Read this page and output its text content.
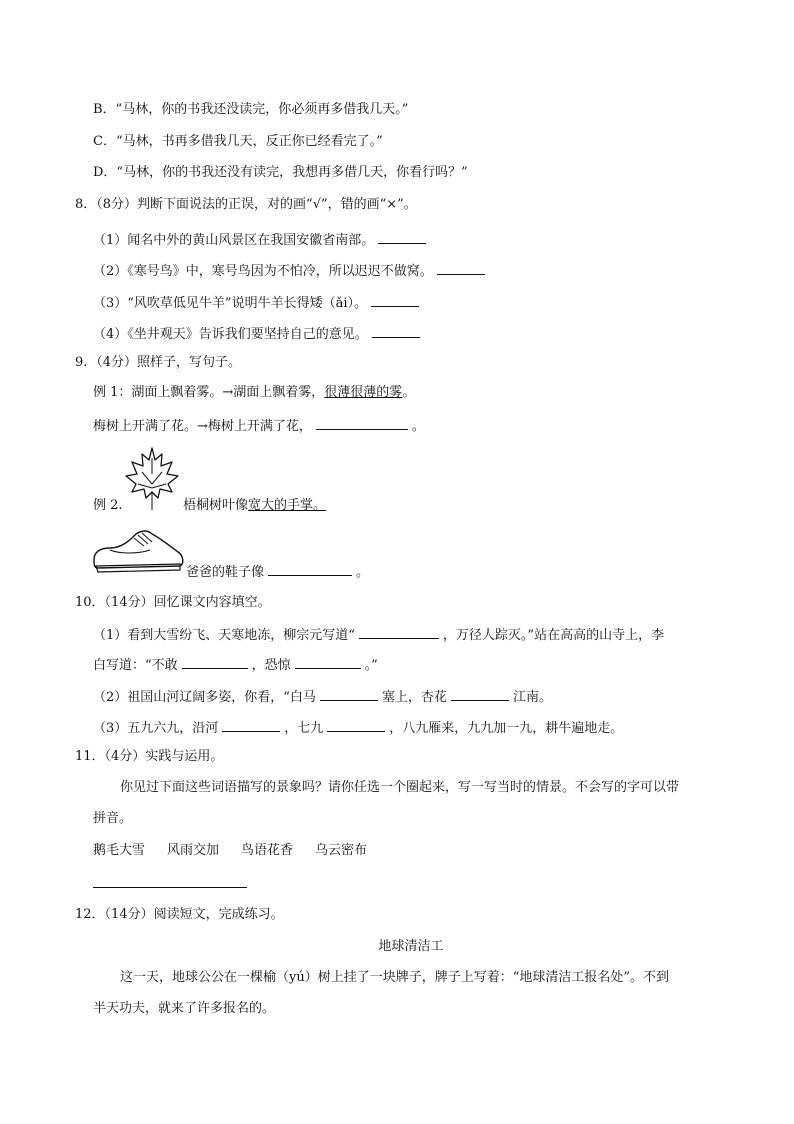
B．“马林，你的书我还没读完，你必须再多借我几天。”
C．“马林，书再多借我几天，反正你已经看完了。”
D．“马林，你的书我还没有读完，我想再多借几天，你看行吗？”
8．（8分）判断下面说法的正误，对的画“√”，错的画“×”。
（1）闻名中外的黄山风景区在我国安徽省南部。
（2）《寒号鸟》中，寒号鸟因为不怕冷，所以迟迟不做窝。
（3）“风吹草低见牛羊”说明牛羊长得矮（ǎi）。
（4）《坐井观天》告诉我们要坚持自己的意见。
9．（4分）照样子，写句子。
例 1：湖面上飘着雾。→湖面上飘着雾，很薄很薄的雾。
梅树上开满了花。→梅树上开满了花，	。
例 2.	梧桐树叶像宽大的手掌。
爸爸的鞋子像	。
10．（14分）回忆课文内容填空。
（1）看到大雪纷飞、天寒地冻，柳宗元写道“	，万径人踪灭。”站在高高的山寺上，李
白写道：“不敢	，恐惊	。”
（2）祖国山河辽阔多姿，你看，“白马	塞上，杏花	江南。
（3）五九六九，沿河	，七九	，八九雁来，九九加一九，耕牛遍地走。
11．（4分）实践与运用。
你见过下面这些词语描写的景象吗？请你任选一个圈起来，写一写当时的情景。不会写的字可以带
拼音。
鹅毛大雪 风雨交加 鸟语花香 乌云密布
12．（14分）阅读短文，完成练习。
地球清洁工
这一天，地球公公在一棵榆（yú）树上挂了一块牌子，牌子上写着：“地球清洁工报名处”。不到
半天功夫，就来了许多报名的。
